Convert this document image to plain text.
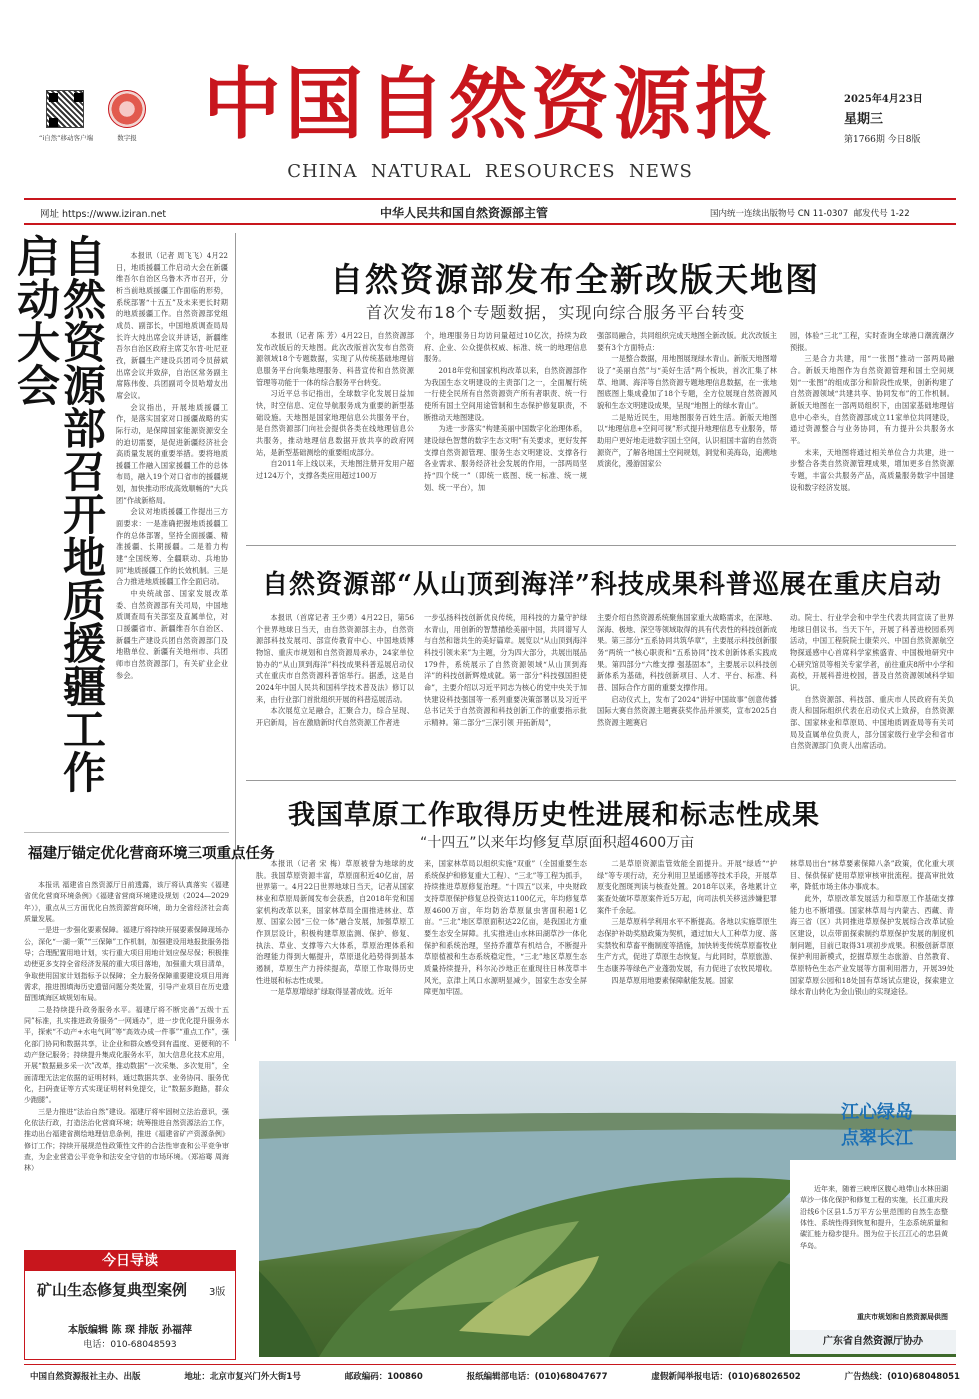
“i自然”移动客户端	数字报 中国自然资源报
CHINA  NATURAL  RESOURCES  NEWS
2025年4月23日
星期三
第1766期 今日8版
网址 https://www.iziran.net	中华人民共和国自然资源部主管	国内统一连续出版物号 CN 11-0307  邮发代号 1-22
自然资源部召开地质援疆工作启动大会	本报讯（记者 周飞飞）4月22日，地质援疆工作启动大会在新疆维吾尔自治区乌鲁木齐市召开，分析当前地质援疆工作面临的形势，系统部署“十五五”及未来更长时期的地质援疆工作。自然资源部党组成员、副部长，中国地质调查局局长许大纯出席会议并讲话，新疆维吾尔自治区政府主席艾尔肯·吐尼亚孜，新疆生产建设兵团司令员薛斌出席会议并致辞，自治区常务副主席陈伟俊、兵团副司令员哈增友出席会议。
会议指出，开展地质援疆工作，是落实国家对口援疆战略的实际行动，是保障国家能源资源安全的迫切需要，是促进新疆经济社会高质量发展的重要举措。要将地质援疆工作融入国家援疆工作的总体布局，融入19个对口省市的援疆规划，加快推动形成高效顺畅的“大兵团”作战新格局。
会议对地质援疆工作提出三方面要求：一是准确把握地质援疆工作的总体部署，坚持全面援疆、精准援疆、长期援疆。二是着力构建“全国统筹、全疆联动、兵地协同”地质援疆工作的长效机制。三是合力推进地质援疆工作全面启动。
中央统战部、国家发展改革委、自然资源部有关司局，中国地质调查局有关部室及直属单位，对口援疆省市、新疆维吾尔自治区、新疆生产建设兵团自然资源部门及地勘单位、新疆有关地州市、兵团师市自然资源部门，有关矿业企业参会。
福建厅锚定优化营商环境三项重点任务
本报讯 福建省自然资源厅日前透露，该厅将认真落实《福建省优化营商环境条例》《福建省营商环境建设规划（2024—2029年）》，重点从三方面优化自然资源营商环境，助力全省经济社会高质量发展。
一是进一步强化要素保障。福建厅将持续开展要素保障现场办公，深化“一湖一策”“三保障”工作机制，加强建设用地报批服务指导；合理配置用地计划，实行重大项目用地计划应保尽保；积极推动使更多支持全省经济发展的重大项目落地，加强重大项目清单，争取使用国家计划指标予以保障；全力服务保障重要建设项目用海需求，推进围填海历史遗留问题分类处置，引导产业项目在历史遗留围填海区域规划布局。
二是持续提升政务服务水平。福建厅将不断完善“五级十五同”标准，扎实推进政务服务“一网通办”，进一步优化提升服务水平，探索“不动产+水电气网”等“高效办成一件事”“重点工作”，强化部门协同和数据共享，让企业和群众感受到有温度、更便利的不动产登记服务；持续提升集成化服务水平，加大信息化技术应用，开展“数据最多采一次”改革，推动数据“一次采集、多次复用”，全面清理无法定依据的证明材料，通过数据共享、业务协同、服务优化，扫码查证等方式实现证明材料免提交，让“数据多跑路，群众少跑腿”。
三是力推进“法治自然”建设。福建厅将牢固树立法治意识，强化依法行政，打造法治化营商环境；统筹推进自然资源法治工作，推动出台福建省测绘地理信息条例，推进《福建省矿产资源条例》修订工作；持续开展规范性政策性文件的合法性审查和公平竞争审查，为企业营造公平竞争和法安全守信的市场环境。（郑裕骞 周海林）
今日导读
矿山生态修复典型案例 3版
本版编辑 陈 琛 排版 孙福萍
电话：010-68048593
自然资源部发布全新改版天地图
首次发布18个专题数据，实现向综合服务平台转变
本报讯（记者 陈 芳）4月22日，自然资源部发布改版后的天地图。此次改版首次发布自然资源领域18个专题数据，实现了从传统基础地理信息服务平台向集地理服务、科普宣传和自然资源管理等功能于一体的综合服务平台转变。
习近平总书记指出，全球数字化发展日益加快，时空信息、定位导航服务成为重要的新型基础设施。天地图是国家地理信息公共服务平台，是自然资源部门向社会提供各类在线地理信息公共服务，推动地理信息数据开放共享的政府网站，是新型基础测绘的重要组成部分。
自2011年上线以来，天地图注册开发用户超过124万个，支撑各类应用超过100万
个，地理服务日均访问量超过10亿次，持续为政府、企业、公众提供权威、标准、统一的地理信息服务。
2018年党和国家机构改革以来，自然资源部作为我国生态文明建设的主责部门之一，全面履行统一行使全民所有自然资源资产所有者职责、统一行使所有国土空间用途管制和生态保护修复职责，不断推动天地图建设。
为进一步落实“构建美丽中国数字化治理体系，建设绿色智慧的数字生态文明”有关要求，更好发挥支撑自然资源管理、服务生态文明建设、支撑各行各业需求、服务经济社会发展的作用，一部两局坚持“四个统一”（即统一底图、统一标准、统一规划、统一平台），加
强部局融合，共同组织完成天地图全新改版。此次改版主要有3个方面特点：
一是整合数据，用地图展现绿水青山。新版天地图增设了“美丽自然”与“美好生活”两个板块，首次汇集了林草、地调、海洋等自然资源专题地理信息数据，在一张地图底图上集成叠加了18个专题，全方位展现自然资源风貌和生态文明建设成果，呈现“地图上的绿水青山”。
二是贴近民生，用地图服务百姓生活。新版天地图以“地理信息+空间可视”形式提升地理信息专业服务，帮助用户更好地走进数字国土空间，认识祖国丰富的自然资源资产，了解各地国土空间规划，洞觉和美海岛，追溯地质演化，漫游国家公
园，体验“三北”工程，实时查询全球港口潮流潮汐预报。
三是合力共建，用“一张图”推动一部两局融合。新版天地图作为自然资源管理和国土空间规划“一张图”的组成部分和阶段性成果，创新构建了自然资源领域“共建共享、协同发布”的工作机制。新版天地图在一部两局组织下，由国家基础地理信息中心牵头，自然资源部成立11家单位共同建设，通过资源整合与业务协同，有力提升公共服务水平。
未来，天地图将通过相关单位合力共建，进一步整合各类自然资源管理成果，增加更多自然资源专题，丰富公共服务产品，高质量服务数字中国建设和数字经济发展。
自然资源部“从山顶到海洋”科技成果科普巡展在重庆启动
本报讯（首席记者 王少勇）4月22日，第56个世界地球日当天，由自然资源部主办，自然资源部科技发展司、部宣传教育中心、中国地质博物馆、重庆市规划和自然资源局承办，24家单位协办的“从山顶到海洋”科技成果科普巡展启动仪式在重庆市自然资源科普馆举行。据悉，这是自2024年中国人民共和国科学技术普及法》修订以来，由行业部门首批组织开展的科普巡展活动。
本次展览立足融合，汇聚合力，综合呈现、开启新局，旨在激励新时代自然资源工作者进
一步弘扬科技创新优良传统，用科技的力量守护绿水青山，用创新的智慧描绘美丽中国，共同谱写人与自然和谐共生的美好篇章。展览以“从山顶到海洋 科技引领未来”为主题，分为四大部分，共展出展品179件，系统展示了自然资源领域“从山顶到海洋”的科技创新辉煌成就。第一部分“科技强国担使命”，主要介绍以习近平同志为核心的党中央关于加快建设科技强国等一系列重要决策部署以及习近平总书记关于自然资源和科技创新工作的重要指示批示精神。第二部分“三深引领 开拓新局”，
主要介绍自然资源系统聚焦国家重大战略需求，在深地、深海、极地、深空等领域取得的具有代表性的科技创新成果。第三部分“五系协同共筑华章”，主要展示科技创新服务“两统一”核心职责和“五系协同”技术创新体系实践成果。第四部分“六维支撑 强基固本”，主要展示以科技创新体系为基础，科技创新项目、人才、平台、标准、科普、国际合作方面的重要支撑作用。
启动仪式上，发布了2024“讲好中国故事”创意传播国际大赛自然资源主题赛获奖作品并颁奖，宣布2025自然资源主题赛启
动。院士、行业学会和中学生代表共同宣读了世界地球日倡议书。当天下午，开展了科普进校园系列活动，中国工程院院士康荣兴、中国自然资源航空物探遥感中心首席科学家熊盛青、中国极地研究中心研究馆员等相关专家学者，前往重庆8所中小学和高校，开展科普进校园，普及自然资源领域科学知识。
自然资源部、科技部、重庆市人民政府有关负责人和国际组织代表在启动仪式上致辞，自然资源部、国家林业和草原局、中国地质调查局等有关司局及直属单位负责人，部分国家级行业学会和省市自然资源部门负责人出席活动。
我国草原工作取得历史性进展和标志性成果
“十四五”以来年均修复草原面积超4600万亩
本报讯（记者 宋 梅）草原被誉为地球的皮肤。我国草原资源丰富，草原面积近40亿亩，居世界第一。4月22日世界地球日当天，记者从国家林业和草原局新闻发布会获悉，自2018年党和国家机构改革以来，国家林草局全面推进林业、草原、国家公园“三位一体”融合发展，加强草原工作顶层设计，积极构建草原监测、保护、修复、执法、草业、支撑等六大体系，草原治理体系和治理能力得到大幅提升，草原退化趋势得到基本遏制，草原生产力持续提高，草原工作取得历史性进展和标志性成果。
一是草原增绿扩绿取得显著成效。近年
来，国家林草局以组织实施“双重”（全国重要生态系统保护和修复重大工程）、“三北”等工程为抓手，持续推进草原修复治理。“十四五”以来，中央财政支持草原保护修复总投资达1100亿元，年均修复草原4600万亩，年均防治草原鼠虫害面积超1亿亩。“三北”地区草原面积达22亿亩，是我国北方重要生态安全屏障。扎实推进山水林田湖草沙一体化保护和系统治理，坚持乔灌草有机结合，不断提升草原植被和生态系统稳定性，“三北”地区草原生态质量持续提升，科尔沁沙地正在重现往日林茂草丰风光，京津上风口水源明显减少，国家生态安全屏障更加牢固。
二是草原资源监管效能全面提升。开展“绿盾”“护绿”等专项行动，充分利用卫星遥感等技术手段，开展草原变化图斑判读与核查处置。2018年以来，各地累计立案查处破坏草原案件近5万起，向司法机关移送涉嫌犯罪案件千余起。
三是草原科学利用水平不断提高。各地以实施草原生态保护补助奖励政策为契机，通过加大人工种草力度、落实禁牧和草畜平衡制度等措施，加快转变传统草原畜牧业生产方式，促进了草原生态恢复。与此同时，草原旅游、生态康养等绿色产业蓬勃发展，有力促进了农牧民增收。
四是草原用地要素保障献能发展。国家
林草局出台“林草要素保障八条”政策，优化重大项目、保供保矿使用草原审核审批流程。提高审批效率，降低市场主体办事成本。
此外，草原改革发展活力和草原工作基础支撑能力也不断增强。国家林草局与内蒙古、西藏、青海三省（区）共同推进草原保护发展综合改革试验区建设，以点带面探索制约草原保护发展的制度机制问题，目前已取得31项初步成果。积极创新草原保护利用新模式，挖掘草原生态旅游、自然教育、草原特色生态产业发展等方面利用潜力，开展39处国家草原公园和18处国有草场试点建设，探索建立绿水青山转化为金山银山的实现途径。
江心绿岛
点翠长江
近年来，随着三峡库区腹心地带山水林田湖草沙一体化保护和修复工程的实施，长江重庆段沿线6个区县1.5万平方公里范围的自然生态整体性、系统性得到恢复和提升，生态系统质量和碳汇能力稳步提升。图为位于长江江心的忠县黄华岛。
重庆市规划和自然资源局供图
广东省自然资源厅协办
中国自然资源报社主办、出版	地址：北京市复兴门外大街1号	邮政编码：100860	报纸编辑部电话：(010)68047677	虚假新闻举报电话：(010)68026502	广告热线：(010)68048051
